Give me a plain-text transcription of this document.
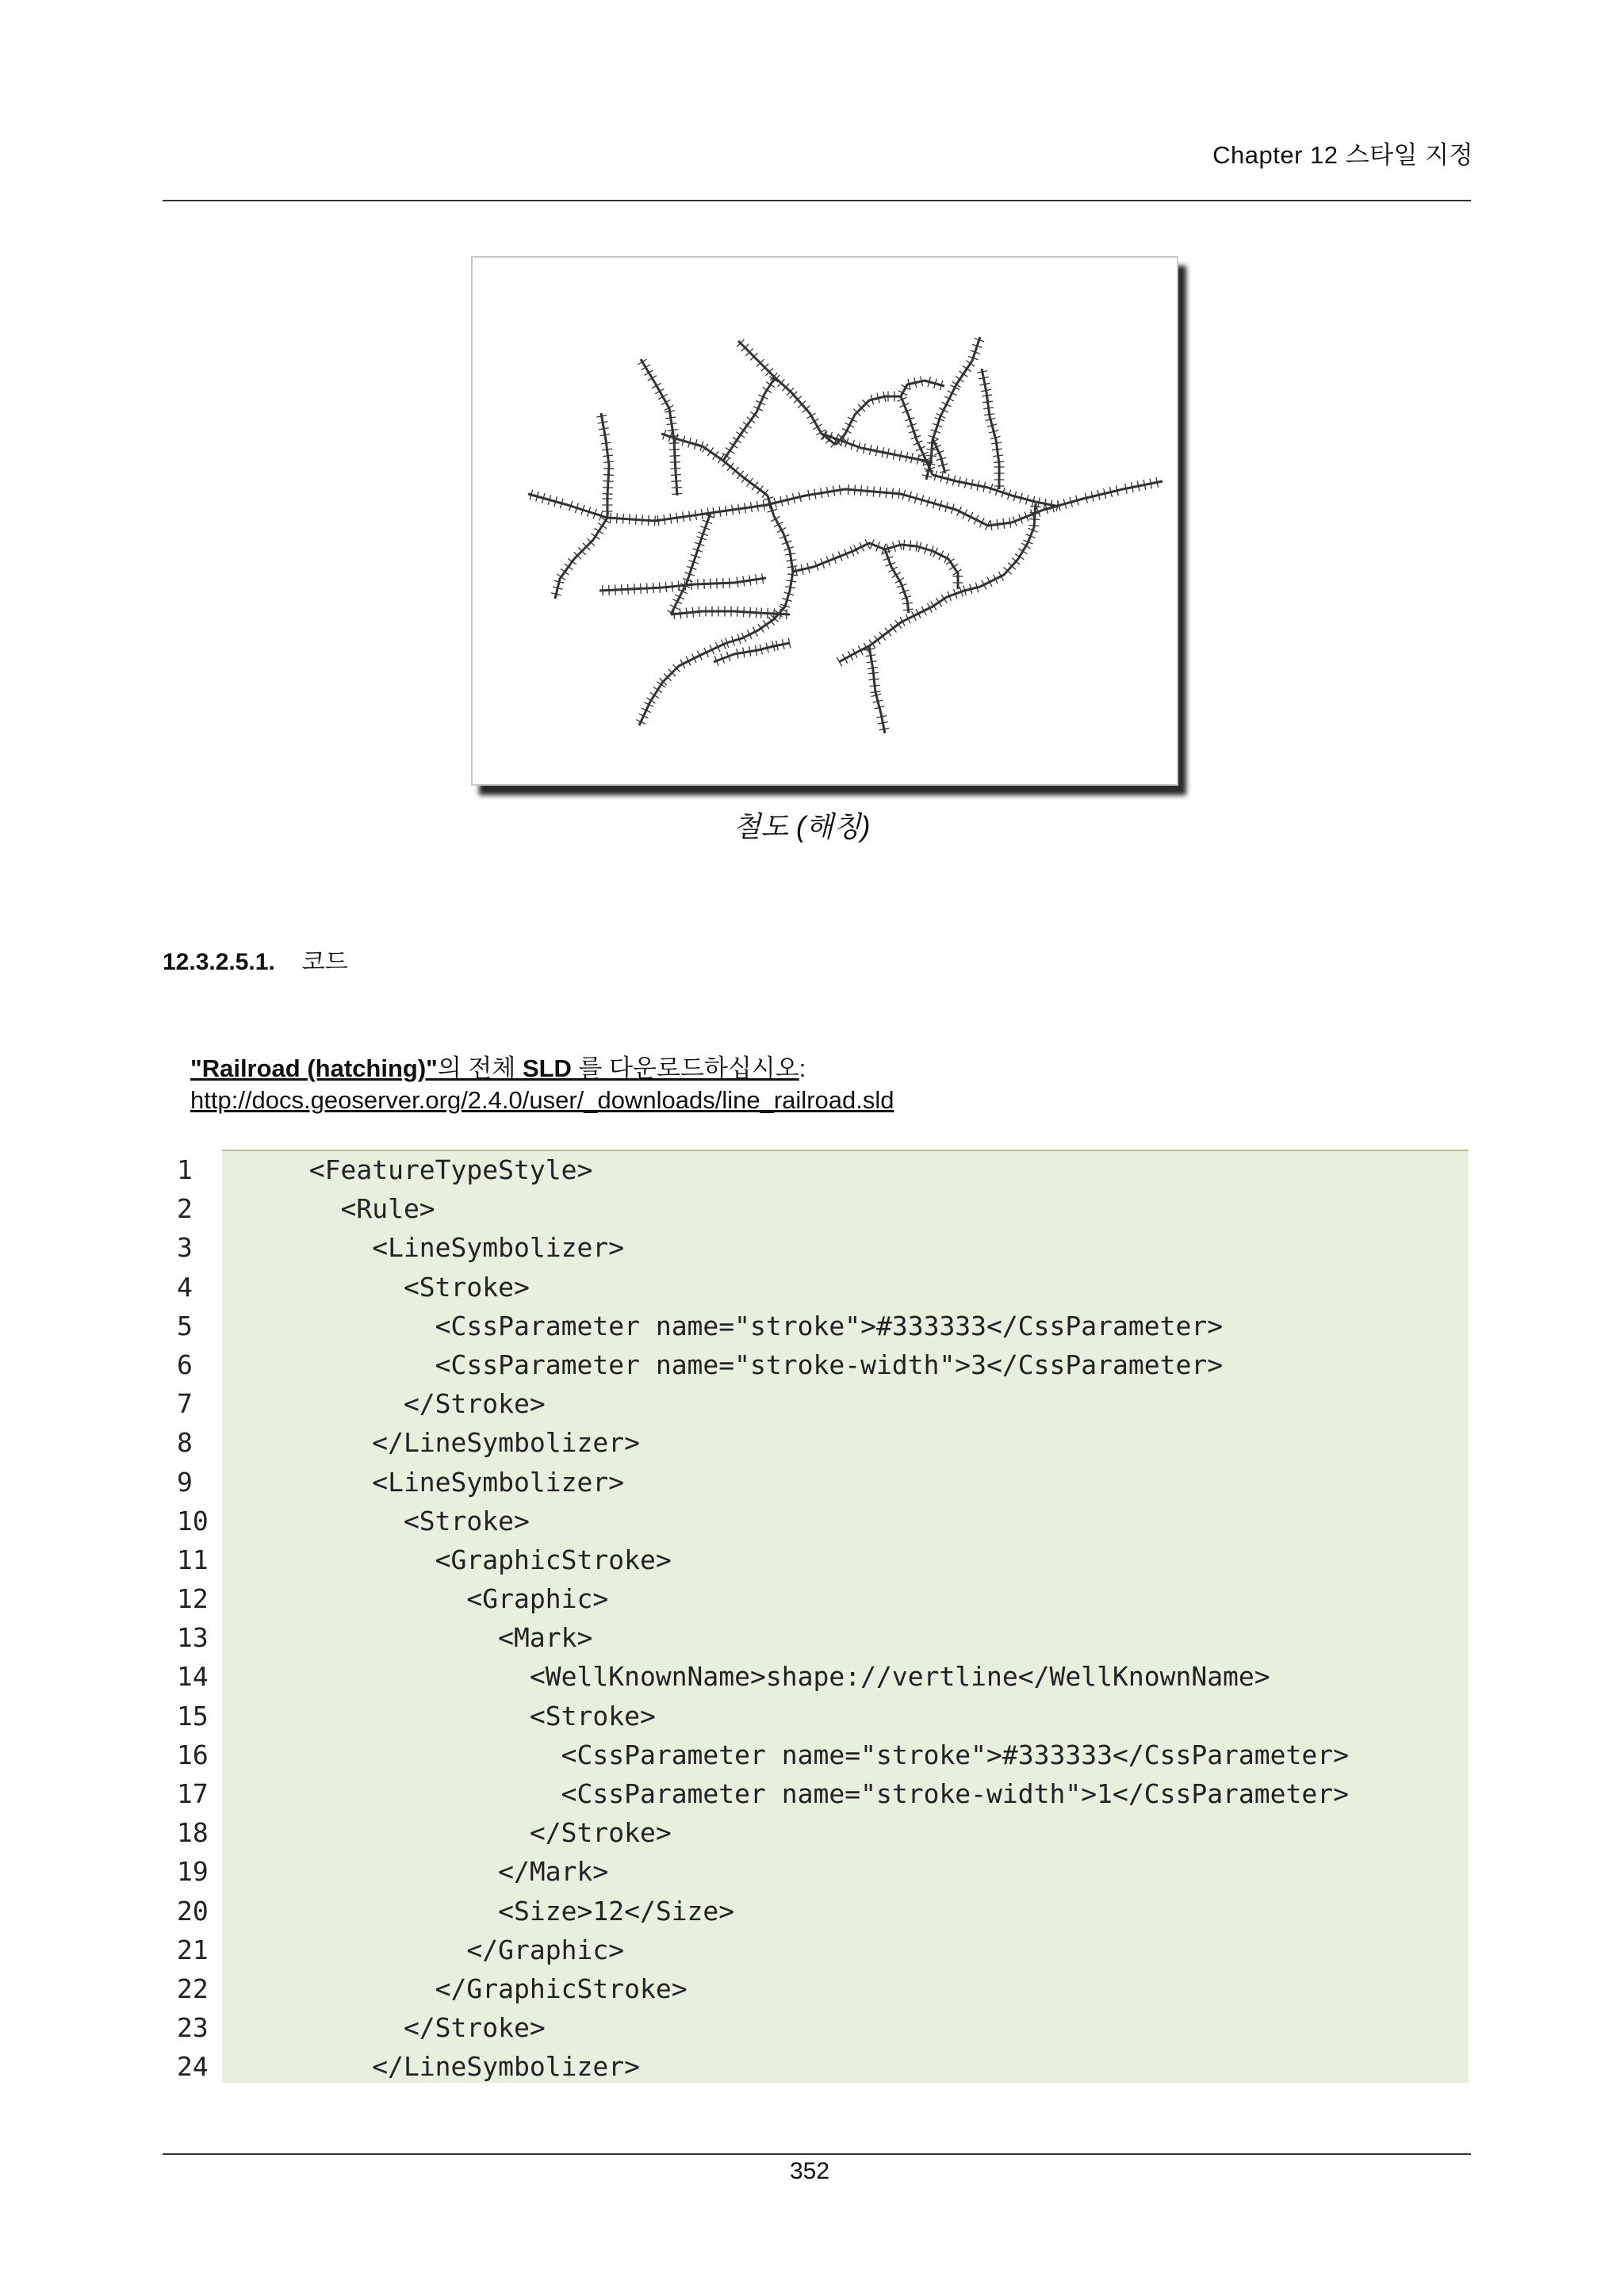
Chapter 12 스타일 지정
철도 (해칭)
12.3.2.5.1. 코드
"Railroad (hatching)"의 전체 SLD 를 다운로드하십시오:
http://docs.geoserver.org/2.4.0/user/_downloads/line_railroad.sld
1	<FeatureTypeStyle>
2	<Rule>
3	<LineSymbolizer>
4	<Stroke>
5	<CssParameter name="stroke">#333333</CssParameter>
6	<CssParameter name="stroke-width">3</CssParameter>
7	</Stroke>
8	</LineSymbolizer>
9	<LineSymbolizer>
10	<Stroke>
11	<GraphicStroke>
12	<Graphic>
13	<Mark>
14	<WellKnownName>shape://vertline</WellKnownName>
15	<Stroke>
16	<CssParameter name="stroke">#333333</CssParameter>
17	<CssParameter name="stroke-width">1</CssParameter>
18	</Stroke>
19	</Mark>
20	<Size>12</Size>
21	</Graphic>
22	</GraphicStroke>
23	</Stroke>
24	</LineSymbolizer>
352
